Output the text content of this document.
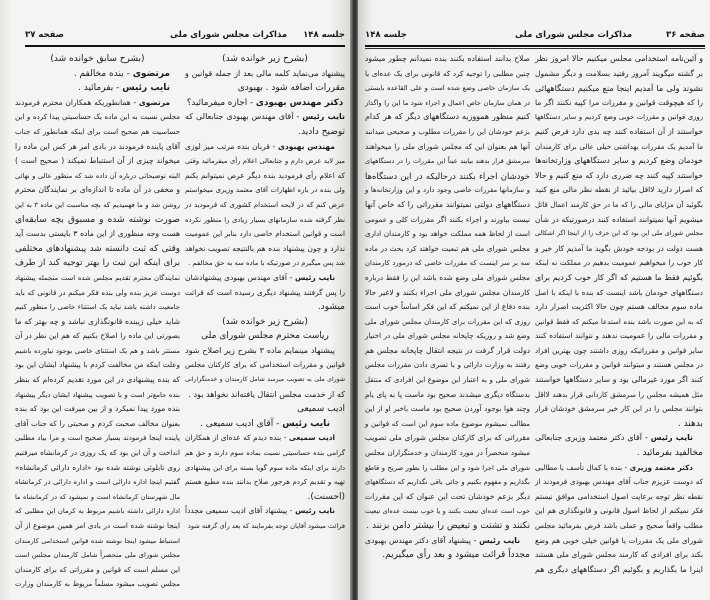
صفحه ۳۷	مذاکرات مجلس شورای ملی جلسه ۱۴۸
(بشرح زیر خوانده شد)
پیشنهاد می‌نماید کلمه مالی بعد از جمله قوانین و
مقررات اضافه شود . بهبودی
دکتر مهندس بهبودی - اجازه میفرمائید؟
نایب رئیس - آقای مهندس بهبودی جنابعالی که
توضیح دادید.
مهندس بهبودی - قربان بنده مرتب میز لوزی
میز لاید عرض دارم و جنابعالی اعلام رأی میفرمائید وقتی
که اعلام رأی فرمودید بنده دیگر عرض نمیتوانم بکنم
ولی بنده در باره اظهارات آقای معتمد وزیری میخواستم
عرض کنم که در لایحه استخدام کشوری که فرمودید در
نظر گرفته شده سازمانهای بسیار زیادی را منظور نکرده
است و قوانین استخدام خاصی دارد بنابر این عمومیت
ندارد و چون پیشنهاد بنده هم بالنتیجه تصویب نخواهد
شد پس میگیرم در صورتیکه با ماده سه به حق مخالفم .
نایب رئیس - آقای مهندس بهبودی پیشنهادشان
را پس گرفتند پیشنهاد دیگری رسیده است که قرائت
میشود.
(بشرح زیر خوانده شد)
ریاست محترم مجلس شورای ملی
پیشنهاد مینمایم ماده ۳ بشرح زیر اصلاح شود
قوانین و مقررات استخدامی که برای کارکنان مجلس
شورای ملی به تصویب میرسد شامل کارمندان و خدمتگزارانی
که از خدمت مجلس انتقال یافته‌اند نخواهد بود .
ادیب سمیعی
نایب رئیس - آقای ادیب سمیعی .
ادیب سمیعی - بنده دیدم که عده‌ای از همکاران
گرامی بنده حساسیتی نسبت بماده سوم دارند و حق هم
دارند برای اینکه ماده سوم گویا بسته برای این پیشنهادی
تهیه و تقدیم کردم هرجور صلاح بدانند بنده مطیع هستم
(احسنت).
نایب رئیس - پیشنهاد آقای ادیب سمیعی مجدداً
قرائت میشود آقایان توجه بفرمایند که بعد رأی گرفته شود
(بشرح سابق خوانده شد)
مرتضوی - بنده مخالفم .
نایب رئیس - بفرمائید .
مرتضوی - همانطوریکه همکاران محترم فرمودند
مجلس نسبت به این ماده یک حساسیتی پیدا کرده و این
حساسیت هم صحیح است برای اینکه همانطور که جناب
آقای پاینده فرمودند در بادی امر هر کس این ماده را
میخواند چیزی از آن استنباط نمیکند ( صحیح است )
البته توضیحاتی درباره آن داده شد که منظور عالی و نهائی
و مخفی در آن ماده تا اندازه‌ای بر نمایندگان محترم
روشن شد و ما فهمیدیم که بچه مناسبت این ماده ۳ به این
صورت نوشته شده و مسبوق بچه سابقه‌ای
هست وجه منظوری از این ماده ۳ بایستی بدست آید
وقتی که ثبت دانسته شد پیشنهادهای مختلفی
برای اینکه این ثبت را بهتر توجیه کند از طرف
نمایندگان محترم تقدیم مجلس شده است منجمله پیشنهاد
دوست عزیز بنده ولی بنده فکر میکنم در قانونی که باید
جامعیت داشته باشد نباید یک استثناء خاصی را منظور کنیم
شاید خیلی زیبنده قانونگذاری نباشد و چه بهتر که ما
بصورتی این ماده را اصلاح بکنیم که هم این نظر در آن
مستتر باشد و هم یک استثنای خاصی بوجود نیاورده باشیم
وعلت اینکه من مخالفت کردم با پیشنهاد ایشان این بود
که بنده پیشنهادی در این مورد تقدیم کرده‌ام که بنظر
بنده جامع‌تر است و با تصویب پیشنهاد ایشان دیگر پیشنهاد
بنده مورد پیدا نمیکرد و از بین میرفت این بود که بنده
بعنوان مخالف صحبت کردم و صحبتی را که جناب آقای
پاینده اینجا فرمودند بسیار صحیح است و مرا بیاد مطلبی
انداخت و آن این بود که یک روزی در کرمانشاه میرفتیم
روی تابلوئی نوشته شده بود «اداره دارائی کرمانشاه»
گفتیم اینجا اداره دارائی است و اداره دارائی در کرمانشاه
مال شهرستان کرمانشاه است و نمیشود که در کرمانشاه ما
اداره دارائی داشته باشیم مربوط به کرمان این مطلبی که
اینجا نوشته شده است در بادی امر همین موضوع از آن
استنباط میشود اینجا نوشته شده قوانین استخدامی کارمندان
مجلس شورای ملی منحصراً شامل کارمندان مجلس است
این مسلم است که قوانین و مقرراتی که برای کارمندان
مجلس تصویب میشود مسلماً مربوط به کارمندان وزارت
جلسه ۱۴۸	مذاکرات مجلس شورای ملی	صفحه ۳۶
و آئین‌نامه استخدامی مجلس میکنیم حالا امروز نظر
بر گشته میگویند آمروز رفتید بسلامت و دیگر مشمول
نشوند ولی ما آمدیم اینجا منع میکنیم دستگاههائی
را که هیچوقت قوانین و مقررات مرا کپیه نکنند اگر ما
روزی قوانین و مقررات خوبی وضع کردیم و سایر دستگاهها
خواستند از آن استفاده کنند چه بدی دارد فرض کنیم
ما آمدیم یک مقررات بهداشتی خیلی عالی برای کارمندان
خودمان وضع کردیم و سایر دستگاههای وزارتخانه‌ها
خواستند کپیه کنند چه ضرری دارد که منع کنیم و حالا
که اصرار دارید لااقل بیائید از نقطه نظر مالی منع کنید
بگوئید آن مزایای مالی را که ما در حق کارمند اعمال قائل
میشویم آنها نمیتوانند استفاده کنند درصورتیکه در شأن
مجلس شورای ملی این بود که این حرف را از اینجا اگر اشکالی
هست دولت در بودجه خودش بگوید ما آمدیم کار خیر و
کار خوب را میخواهیم عمومیت بدهیم در مملکت نه اینکه
بگوئیم فقط ما هستیم که اگر کار خوب کردیم برای
دستگاههای خودمان باشد اینست که بنده با اینکه با اصل
ماده سوم مخالف هستم چون حالا اکثریت اصرار دارد
که به این صورت باشد بنده استدعا میکنم که فقط قوانین
و مقررات مالی را عمومیت ندهند و نتوانند استفاده کنند
سایر قوانین و مقرراتیکه روزی داشتند چون بهترین افراد
در مجلس هستند و میتوانند قوانین و مقررات خوبی وضع
کنند اگر مورد غیرمالی بود و سایر دستگاهها خواستند
مثل همیشه مجلس را سرمشق کاردانی قرار بدهند لااقل
بتوانند مجلس را در این کار خیر سرمشق خودشان قرار
بدهند .
نایب رئیس - آقای دکتر معتمد وزیری جنابعالی
مخالفید بفرمائید .
دکتر معتمد وزیری - بنده با کمال تأسف با مطالبی
که دوست عزیزم جناب آقای مهندس بهبودی فرمودند از
نقطه نظر توجه برعایت اصول استخدامی موافق نیستم
فکر نمیکنم از لحاظ اصول قانونی و قانونگذاری هم این
مطلب واقعاً صحیح و عملی باشد فرض بفرمائید مجلس
شورای ملی یک مقررات یا قوانین خیلی خوبی هم وضع
بکند برای افرادی که کارمند مجلس شورای ملی هستند
اینرا ما بگذاریم و بگوئیم اگر دستگاههای دیگری هم
صلاح بدانند استفاده بکنند بنده نمیدانم چطور میشود
چنین مطلبی را توجیه کرد که قانونی برای یک عده‌ای یا
یک سازمان خاصی وضع شده است و علی القاعده بایستی
در همان سازمان خاص اعمال و اجراء شود ما این را واگذار
کنیم منظور همووزیه دستگاههای دیگر که هر کدام
بزعم خودشان این را مقررات مطلوب و صحیحی میدانند
آنها هم بعنوان این که مجلس شورای ملی را میخواهند
سرمشق قرار بدهند بیایند عیناً این مقررات را در دستگاههای
خودشان اجراء بکنند درحالیکه در این دستگاه‌ها
و سازمانها مقررات خاصی وجود دارد و این وزارتخانه‌ها و
دستگاههای دولتی نمیتوانند مقرراتی را که خاص آنها
نیست بیاورند و اجراء بکنند اگر مقررات کلی و عمومی
است از لحاظ همه مملکت خواهد بود و کارمندان اداری
مجلس شورای ملی هم تبعیت خواهند کرد بحث در ماده
سه بر سر اینست که مقررات خاصی که درمورد کارمندان
مجلس شورای ملی وضع شده باشد این را فقط درباره
کارمندان مجلس شورای ملی اجراء بکنند و لاغیر حالا
بنده دفاع از این نمیکنم که این فکر اساساً خوب است
روزی که این مقررات برای کارمندان مجلس شورای ملی
وضع شد و روزیکه چاپخانه مجلس شورای ملی در اختیار
دولت قرار گرفت در نتیجه انتقال چاپخانه مجلس هم
رفتند به وزارت دارائی و با تسری دادن مقررات مجلس
شورای ملی و به اعتبار این موضوع این افرادی که منتقل
بدستگاه دیگری میشدند صحیح بود ماست پا به پای یام
وچند هوا بوجود آوردن صحیح بود ماست باخبر او از این
مطالب نمیشوم موضوع ماده سوم این است که قوانین و
مقرراتی که برای کارکنان مجلس شورای ملی تصویب
میشود منحصراً در مورد کارمندان و خدمتگزاران مجلس
شورای ملی اجرا شود و این مطلب را بطور صریح و قاطع
بگذاریم و مفهوم بکنیم و جائی باقی نگذاریم که دستگاههای
دیگر بزعم خودشان تحت این عنوان که این مقررات
خوب است عده‌ای تبعیت بکنند و یا خوب نیست عده‌ای تبعیت
نکنند و تشتت و تبعیض را بیشتر دامن بزنند .
نایب رئیس - پیشنهاد آقای دکتر مهندس بهبودی
مجدداً قرائت میشود و بعد رأی میگیریم.
